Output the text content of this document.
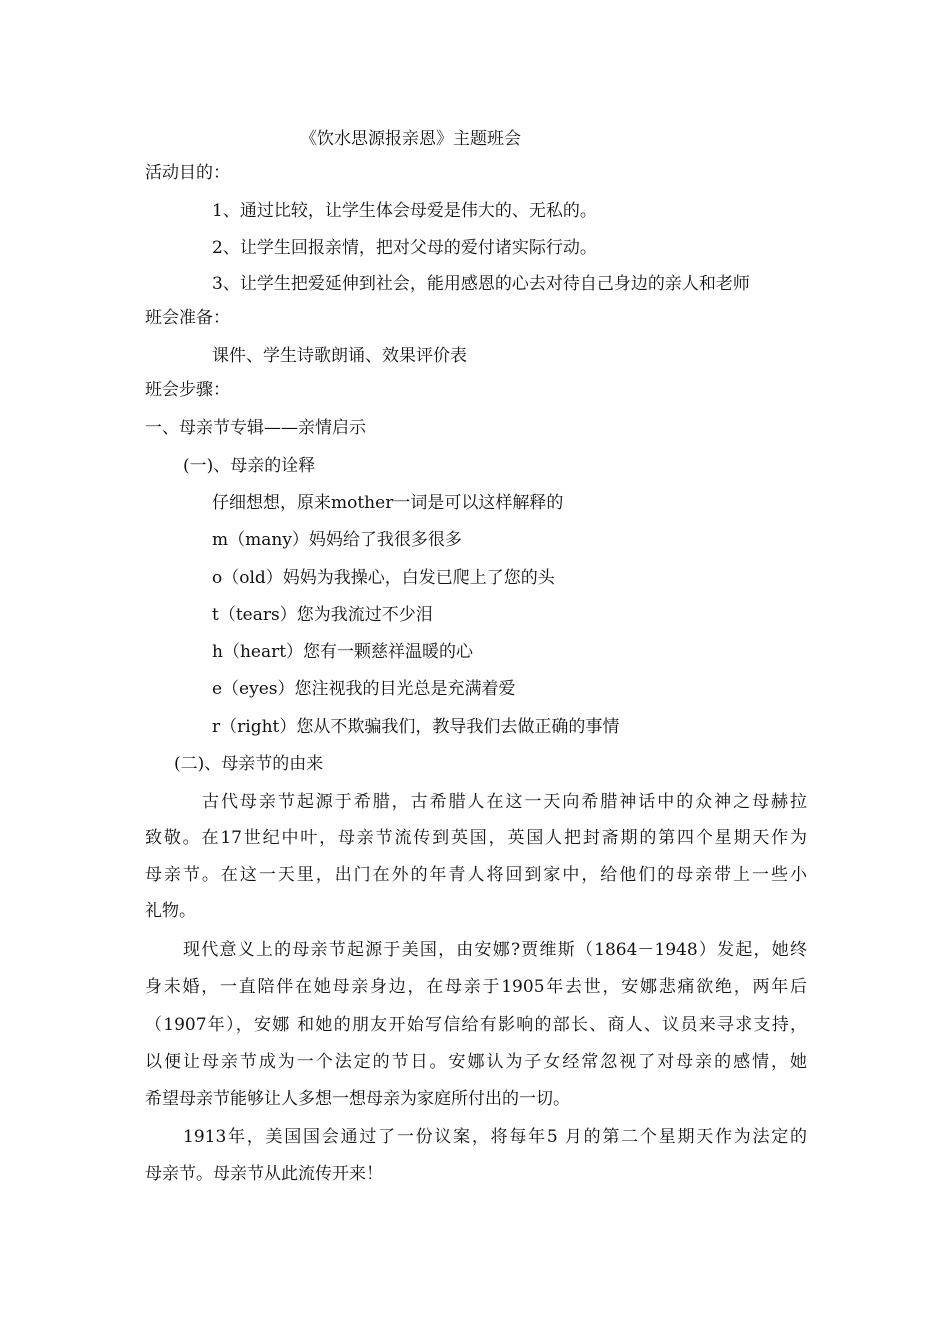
《饮水思源报亲恩》主题班会
活动目的：
1、通过比较，让学生体会母爱是伟大的、无私的。
2、让学生回报亲情，把对父母的爱付诸实际行动。
3、让学生把爱延伸到社会，能用感恩的心去对待自己身边的亲人和老师
班会准备：
课件、学生诗歌朗诵、效果评价表
班会步骤：
一、母亲节专辑——亲情启示
(一)、母亲的诠释
仔细想想，原来mother一词是可以这样解释的
m（many）妈妈给了我很多很多
o（old）妈妈为我操心，白发已爬上了您的头
t（tears）您为我流过不少泪
h（heart）您有一颗慈祥温暖的心
e（eyes）您注视我的目光总是充满着爱
r（right）您从不欺骗我们，教导我们去做正确的事情
(二)、母亲节的由来
古代母亲节起源于希腊，古希腊人在这一天向希腊神话中的众神之母赫拉
致敬。在17世纪中叶，母亲节流传到英国，英国人把封斋期的第四个星期天作为
母亲节。在这一天里，出门在外的年青人将回到家中，给他们的母亲带上一些小
礼物。
现代意义上的母亲节起源于美国，由安娜?贾维斯（1864－1948）发起，她终
身未婚，一直陪伴在她母亲身边，在母亲于1905年去世，安娜悲痛欲绝，两年后
（1907年），安娜 和她的朋友开始写信给有影响的部长、商人、议员来寻求支持，
以便让母亲节成为一个法定的节日。安娜认为子女经常忽视了对母亲的感情，她
希望母亲节能够让人多想一想母亲为家庭所付出的一切。
1913年，美国国会通过了一份议案，将每年5 月的第二个星期天作为法定的
母亲节。母亲节从此流传开来！
